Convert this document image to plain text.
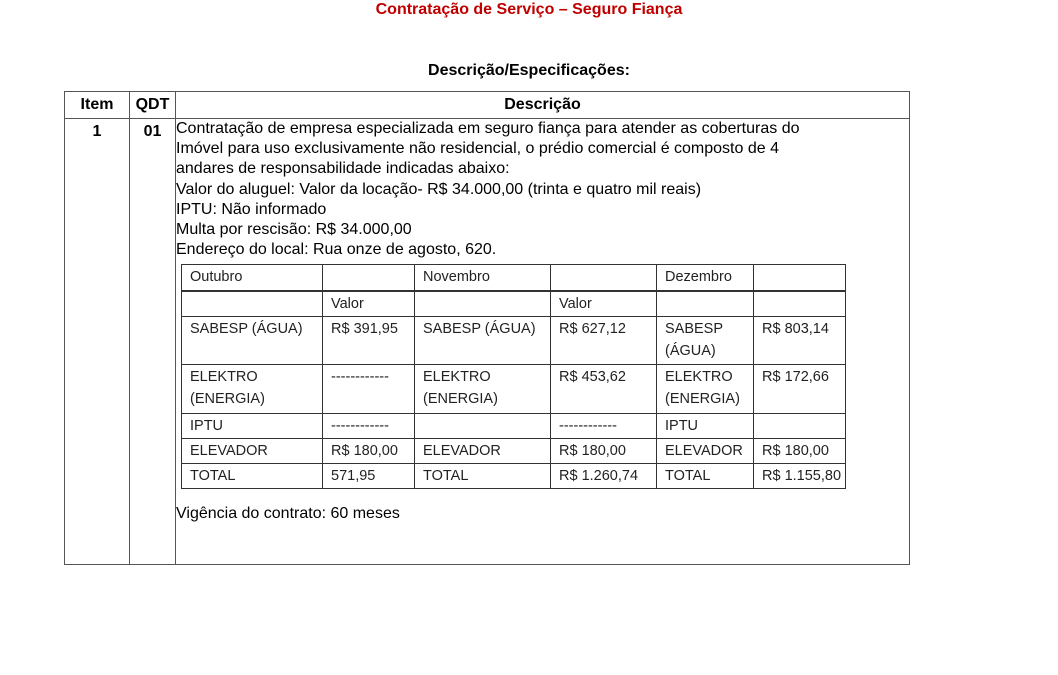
Contratação de Serviço – Seguro Fiança
Descrição/Especificações:
Item	QDT	Descrição

1	01	Contratação de empresa especializada em seguro fiança para atender as coberturas do
Imóvel para uso exclusivamente não residencial, o prédio comercial é composto de 4
andares de responsabilidade indicadas abaixo:
Valor do aluguel: Valor da locação- R$ 34.000,00 (trinta e quatro mil reais)
IPTU: Não informado
Multa por rescisão: R$ 34.000,00
Endereço do local: Rua onze de agosto, 620.
Outubro		Novembro		Dezembro	
	Valor		Valor		
SABESP (ÁGUA)	R$ 391,95	SABESP (ÁGUA)	R$ 627,12	SABESP (ÁGUA)	R$ 803,14
ELEKTRO (ENERGIA)	------------	ELEKTRO (ENERGIA)	R$ 453,62	ELEKTRO (ENERGIA)	R$ 172,66
IPTU	------------		------------	IPTU	
ELEVADOR	R$ 180,00	ELEVADOR	R$ 180,00	ELEVADOR	R$ 180,00
TOTAL	571,95	TOTAL	R$ 1.260,74	TOTAL	R$ 1.155,80
Vigência do contrato: 60 meses
